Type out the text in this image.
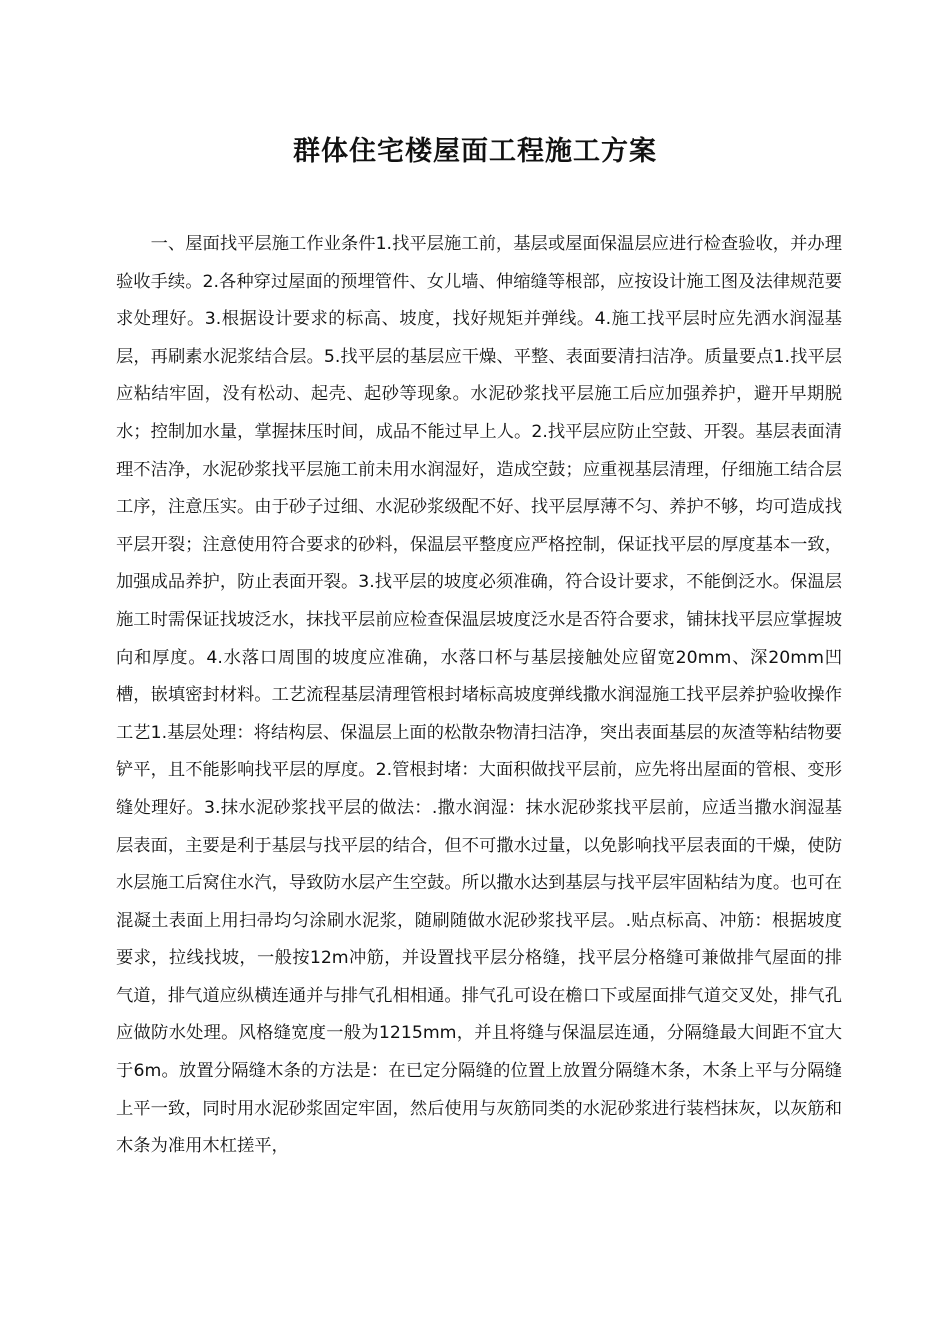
群体住宅楼屋面工程施工方案

一、屋面找平层施工作业条件1.找平层施工前，基层或屋面保温层应进行检查验收，并办理验收手续。2.各种穿过屋面的预埋管件、女儿墙、伸缩缝等根部，应按设计施工图及法律规范要求处理好。3.根据设计要求的标高、坡度，找好规矩并弹线。4.施工找平层时应先洒水润湿基层，再刷素水泥浆结合层。5.找平层的基层应干燥、平整、表面要清扫洁净。质量要点1.找平层应粘结牢固，没有松动、起壳、起砂等现象。水泥砂浆找平层施工后应加强养护，避开早期脱水；控制加水量，掌握抹压时间，成品不能过早上人。2.找平层应防止空鼓、开裂。基层表面清理不洁净，水泥砂浆找平层施工前未用水润湿好，造成空鼓；应重视基层清理，仔细施工结合层工序，注意压实。由于砂子过细、水泥砂浆级配不好、找平层厚薄不匀、养护不够，均可造成找平层开裂；注意使用符合要求的砂料，保温层平整度应严格控制，保证找平层的厚度基本一致，加强成品养护，防止表面开裂。3.找平层的坡度必须准确，符合设计要求，不能倒泛水。保温层施工时需保证找坡泛水，抹找平层前应检查保温层坡度泛水是否符合要求，铺抹找平层应掌握坡向和厚度。4.水落口周围的坡度应准确，水落口杯与基层接触处应留宽20mm、深20mm凹槽，嵌填密封材料。工艺流程基层清理管根封堵标高坡度弹线撒水润湿施工找平层养护验收操作工艺1.基层处理：将结构层、保温层上面的松散杂物清扫洁净，突出表面基层的灰渣等粘结物要铲平，且不能影响找平层的厚度。2.管根封堵：大面积做找平层前，应先将出屋面的管根、变形缝处理好。3.抹水泥砂浆找平层的做法：.撒水润湿：抹水泥砂浆找平层前，应适当撒水润湿基层表面，主要是利于基层与找平层的结合，但不可撒水过量，以免影响找平层表面的干燥，使防水层施工后窝住水汽，导致防水层产生空鼓。所以撒水达到基层与找平层牢固粘结为度。也可在混凝土表面上用扫帚均匀涂刷水泥浆，随刷随做水泥砂浆找平层。.贴点标高、冲筋：根据坡度要求，拉线找坡，一般按12m冲筋，并设置找平层分格缝，找平层分格缝可兼做排气屋面的排气道，排气道应纵横连通并与排气孔相相通。排气孔可设在檐口下或屋面排气道交叉处，排气孔应做防水处理。风格缝宽度一般为1215mm，并且将缝与保温层连通，分隔缝最大间距不宜大于6m。放置分隔缝木条的方法是：在已定分隔缝的位置上放置分隔缝木条，木条上平与分隔缝上平一致，同时用水泥砂浆固定牢固，然后使用与灰筋同类的水泥砂浆进行装档抹灰，以灰筋和木条为准用木杠搓平，
